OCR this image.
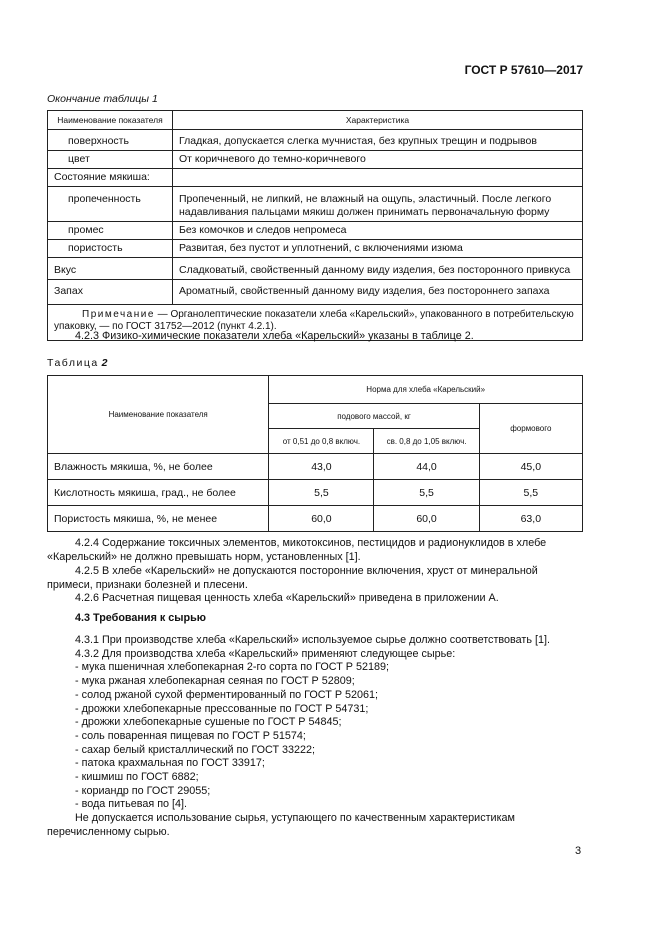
ГОСТ Р 57610—2017
Окончание таблицы 1
Наименование показателя	Характеристика

поверхность	Гладкая, допускается слегка мучнистая, без крупных трещин и подрывов

цвет	От коричневого до темно-коричневого

Состояние мякиша:	

пропеченность	Пропеченный, не липкий, не влажный на ощупь, эластичный. После легкого надавливания пальцами мякиш должен принимать первоначальную форму

промес	Без комочков и следов непромеса

пористость	Развитая, без пустот и уплотнений, с включениями изюма

Вкус	Сладковатый, свойственный данному виду изделия, без посторонного привкуса

Запах	Ароматный, свойственный данному виду изделия, без постороннего запаха

Примечание — Органолептические показатели хлеба «Карельский», упакованного в потребительскую упаковку, — по ГОСТ 31752—2012 (пункт 4.2.1).	
4.2.3 Физико-химические показатели хлеба «Карельский» указаны в таблице 2.
Таблица 2
Наименование показателя	Норма для хлеба «Карельский»		
	подового массой, кг		формового
	от 0,51 до 0,8 включ.	св. 0,8 до 1,05 включ.	
Влажность мякиша, %, не более	43,0	44,0	45,0
Кислотность мякиша, град., не более	5,5	5,5	5,5
Пористость мякиша, %, не менее	60,0	60,0	63,0
4.2.4 Содержание токсичных элементов, микотоксинов, пестицидов и радионуклидов в хлебе «Карельский» не должно превышать норм, установленных [1].
4.2.5 В хлебе «Карельский» не допускаются посторонние включения, хруст от минеральной примеси, признаки болезней и плесени.
4.2.6 Расчетная пищевая ценность хлеба «Карельский» приведена в приложении А.
4.3 Требования к сырью

4.3.1 При производстве хлеба «Карельский» используемое сырье должно соответствовать [1].

4.3.2 Для производства хлеба «Карельский» применяют следующее сырье:

- мука пшеничная хлебопекарная 2-го сорта по ГОСТ Р 52189;
- мука ржаная хлебопекарная сеяная по ГОСТ Р 52809;
- солод ржаной сухой ферментированный по ГОСТ Р 52061;
- дрожжи хлебопекарные прессованные по ГОСТ Р 54731;
- дрожжи хлебопекарные сушеные по ГОСТ Р 54845;
- соль поваренная пищевая по ГОСТ Р 51574;
- сахар белый кристаллический по ГОСТ 33222;
- патока крахмальная по ГОСТ 33917;
- кишмиш по ГОСТ 6882;
- кориандр по ГОСТ 29055;
- вода питьевая по [4].

Не допускается использование сырья, уступающего по качественным характеристикам перечисленному сырью.

3
